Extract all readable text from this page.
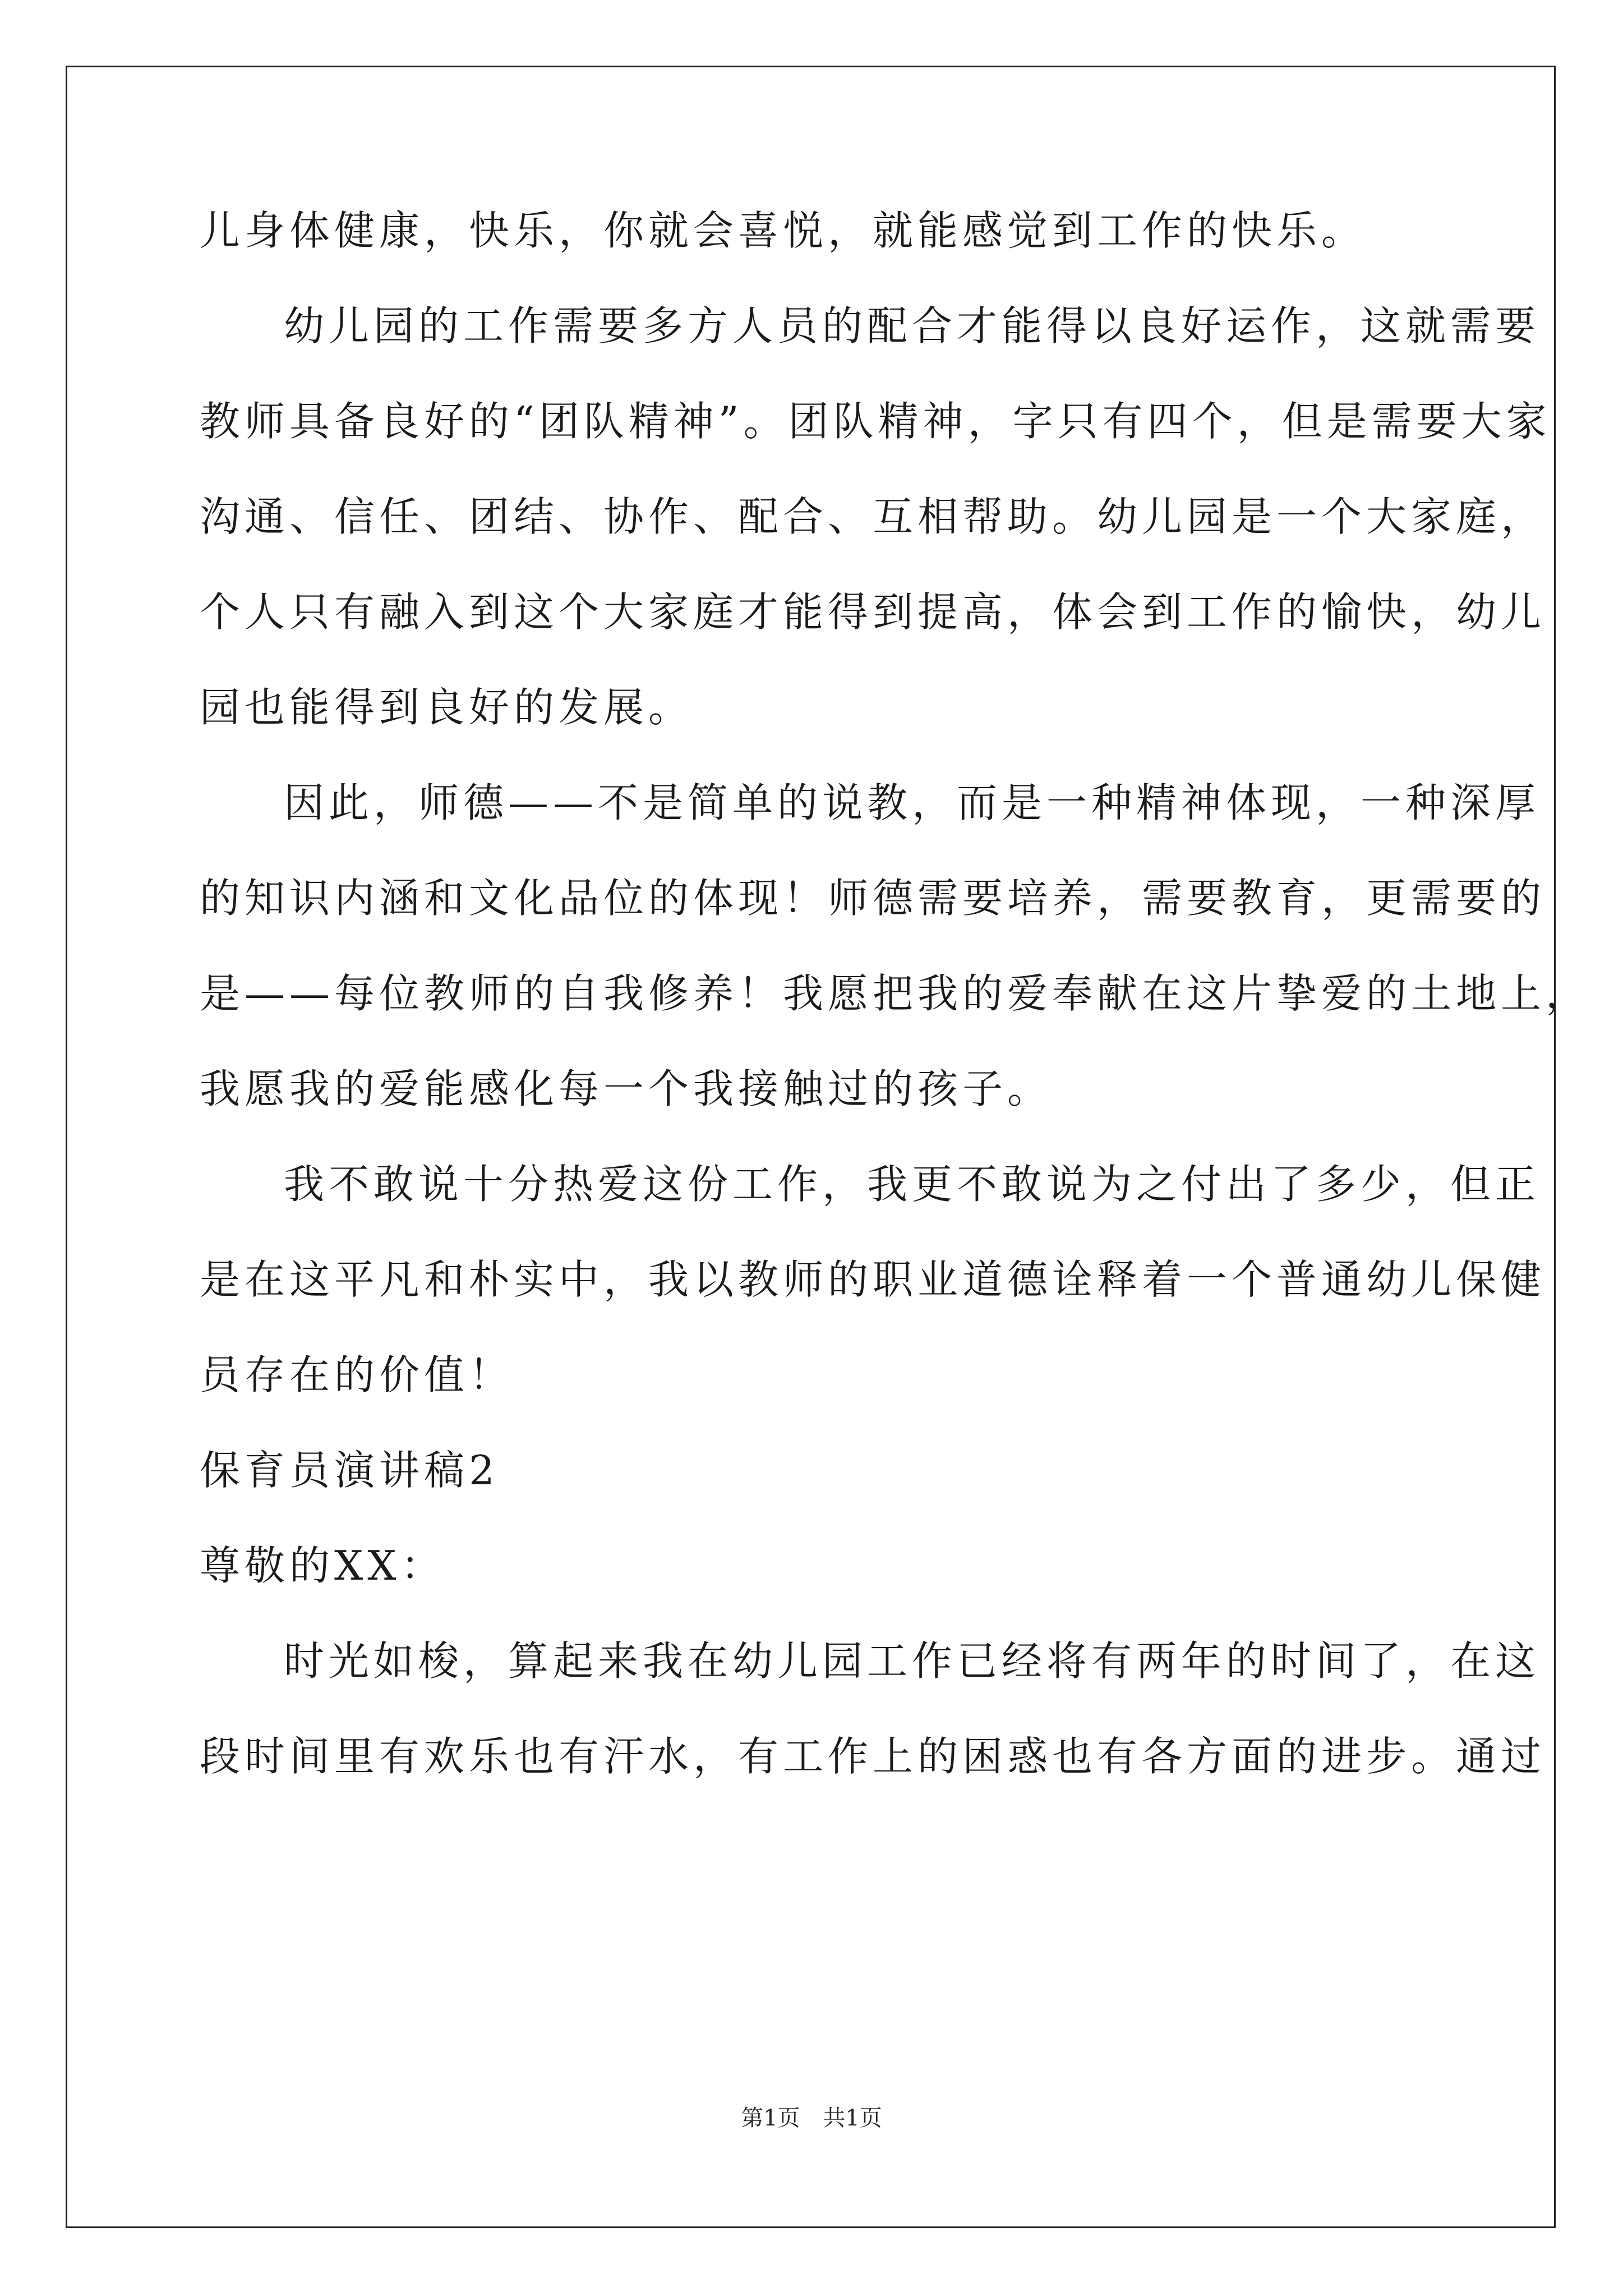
儿身体健康，快乐，你就会喜悦，就能感觉到工作的快乐。
幼儿园的工作需要多方人员的配合才能得以良好运作，这就需要
教师具备良好的“团队精神”。团队精神，字只有四个，但是需要大家
沟通、信任、团结、协作、配合、互相帮助。幼儿园是一个大家庭，
个人只有融入到这个大家庭才能得到提高，体会到工作的愉快，幼儿
园也能得到良好的发展。
因此，师德——不是简单的说教，而是一种精神体现，一种深厚
的知识内涵和文化品位的体现！师德需要培养，需要教育，更需要的
是——每位教师的自我修养！我愿把我的爱奉献在这片挚爱的土地上，
我愿我的爱能感化每一个我接触过的孩子。
我不敢说十分热爱这份工作，我更不敢说为之付出了多少，但正
是在这平凡和朴实中，我以教师的职业道德诠释着一个普通幼儿保健
员存在的价值！
保育员演讲稿2
尊敬的XX：
时光如梭，算起来我在幼儿园工作已经将有两年的时间了，在这
段时间里有欢乐也有汗水，有工作上的困惑也有各方面的进步。通过
第1页 共1页
